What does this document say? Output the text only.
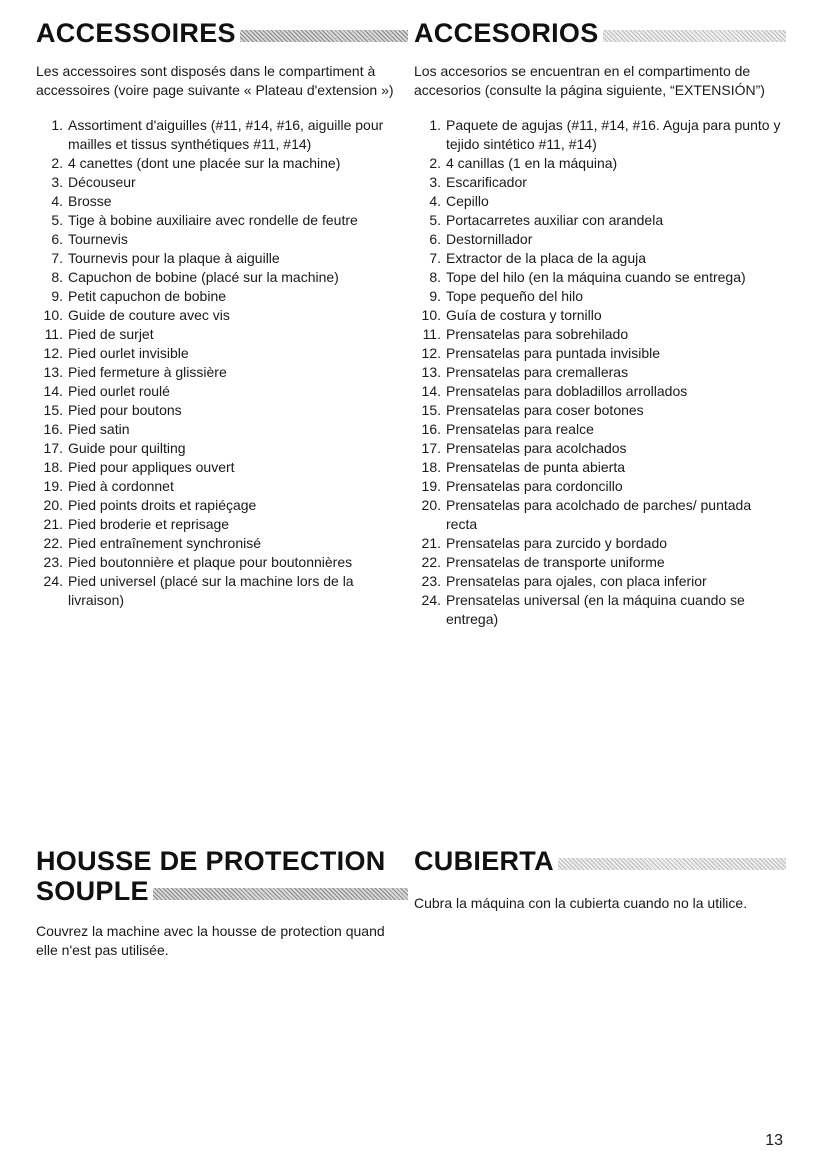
ACCESSOIRES

Les accessoires sont disposés dans le compartiment à accessoires (voire page suivante « Plateau d'extension »)

1. Assortiment d'aiguilles (#11, #14, #16, aiguille pour mailles et tissus synthétiques #11, #14)
2. 4 canettes (dont une placée sur la machine)
3. Découseur
4. Brosse
5. Tige à bobine auxiliaire avec rondelle de feutre
6. Tournevis
7. Tournevis pour la plaque à aiguille
8. Capuchon de bobine (placé sur la machine)
9. Petit capuchon de bobine
10. Guide de couture avec vis
11. Pied de surjet
12. Pied ourlet invisible
13. Pied fermeture à glissière
14. Pied ourlet roulé
15. Pied pour boutons
16. Pied satin
17. Guide pour quilting
18. Pied pour appliques ouvert
19. Pied à cordonnet
20. Pied points droits et rapiéçage
21. Pied broderie et reprisage
22. Pied entraînement synchronisé
23. Pied boutonnière et plaque pour boutonnières
24. Pied universel (placé sur la machine lors de la livraison)
ACCESORIOS

Los accesorios se encuentran en el compartimento de accesorios (consulte la página siguiente, “EXTENSIÓN”)

1. Paquete de agujas (#11, #14, #16. Aguja para punto y tejido sintético #11, #14)
2. 4 canillas (1 en la máquina)
3. Escarificador
4. Cepillo
5. Portacarretes auxiliar con arandela
6. Destornillador
7. Extractor de la placa de la aguja
8. Tope del hilo (en la máquina cuando se entrega)
9. Tope pequeño del hilo
10. Guía de costura y tornillo
11. Prensatelas para sobrehilado
12. Prensatelas para puntada invisible
13. Prensatelas para cremalleras
14. Prensatelas para dobladillos arrollados
15. Prensatelas para coser botones
16. Prensatelas para realce
17. Prensatelas para acolchados
18. Prensatelas de punta abierta
19. Prensatelas para cordoncillo
20. Prensatelas para acolchado de parches/ puntada recta
21. Prensatelas para zurcido y bordado
22. Prensatelas de transporte uniforme
23. Prensatelas para ojales, con placa inferior
24. Prensatelas universal (en la máquina cuando se entrega)
HOUSSE DE PROTECTION
SOUPLE

Couvrez la machine avec la housse de protection quand elle n'est pas utilisée.

CUBIERTA

Cubra la máquina con la cubierta cuando no la utilice.

13
